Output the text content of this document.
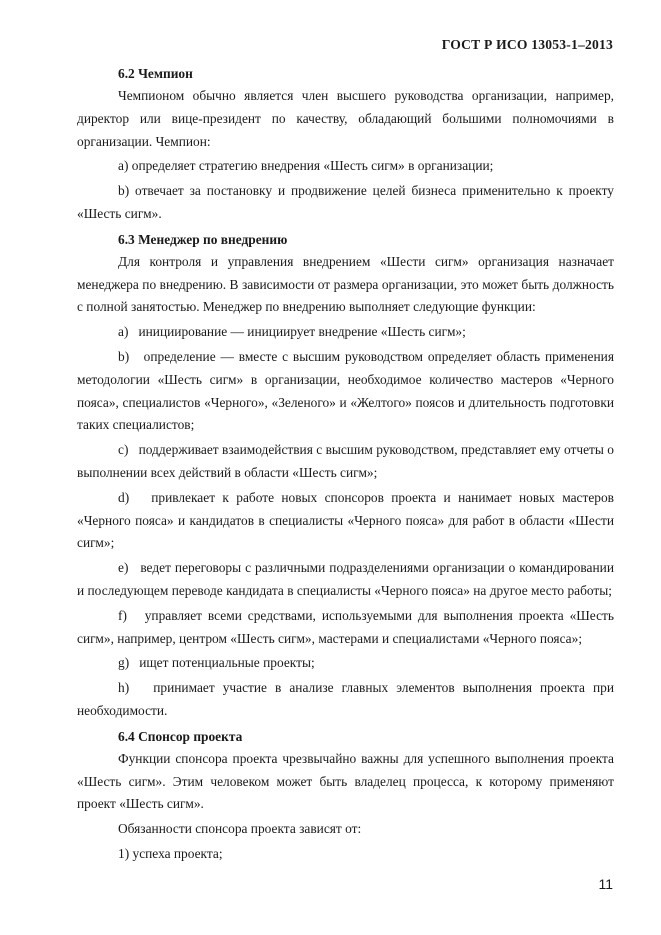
ГОСТ Р ИСО 13053-1–2013

6.2 Чемпион

Чемпионом обычно является член высшего руководства организации, например, директор или вице-президент по качеству, обладающий большими полномочиями в организации. Чемпион:

a) определяет стратегию внедрения «Шесть сигм» в организации;

b) отвечает за постановку и продвижение целей бизнеса применительно к проекту «Шесть сигм».

6.3 Менеджер по внедрению

Для контроля и управления внедрением «Шести сигм» организация назначает менеджера по внедрению. В зависимости от размера организации, это может быть должность с полной занятостью. Менеджер по внедрению выполняет следующие функции:

a)   инициирование — инициирует внедрение «Шесть сигм»;

b)   определение — вместе с высшим руководством определяет область применения методологии «Шесть сигм» в организации, необходимое количество мастеров «Черного пояса», специалистов «Черного», «Зеленого» и «Желтого» поясов и длительность подготовки таких специалистов;

c)   поддерживает взаимодействия с высшим руководством, представляет ему отчеты о выполнении всех действий в области «Шесть сигм»;

d)   привлекает к работе новых спонсоров проекта и нанимает новых мастеров «Черного пояса» и кандидатов в специалисты «Черного пояса» для работ в области «Шести сигм»;

e)   ведет переговоры с различными подразделениями организации о командировании и последующем переводе кандидата в специалисты «Черного пояса» на другое место работы;

f)   управляет всеми средствами, используемыми для выполнения проекта «Шесть сигм», например, центром «Шесть сигм», мастерами и специалистами «Черного пояса»;

g)   ищет потенциальные проекты;

h)   принимает участие в анализе главных элементов выполнения проекта при необходимости.

6.4 Спонсор проекта

Функции спонсора проекта чрезвычайно важны для успешного выполнения проекта «Шесть сигм». Этим человеком может быть владелец процесса, к которому применяют проект «Шесть сигм».

Обязанности спонсора проекта зависят от:

1) успеха проекта;

11
